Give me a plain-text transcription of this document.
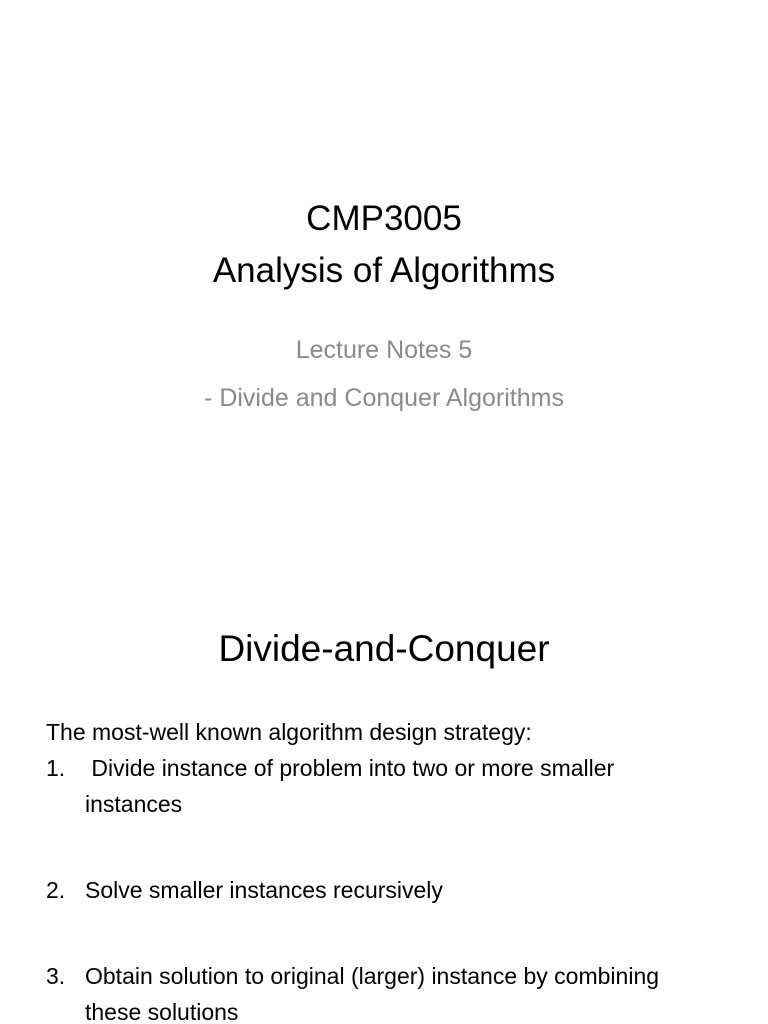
CMP3005
Analysis of Algorithms
Lecture Notes 5
- Divide and Conquer Algorithms
Divide-and-Conquer
The most-well known algorithm design strategy:
1. Divide instance of problem into two or more smaller instances
2. Solve smaller instances recursively
3. Obtain solution to original (larger) instance by combining these solutions
